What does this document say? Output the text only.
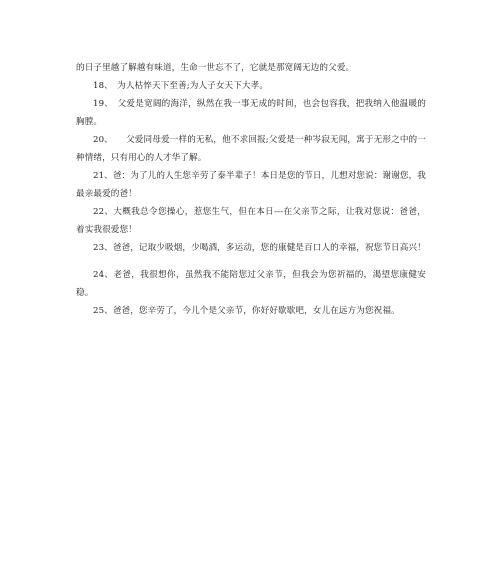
的日子里越了解越有味道，生命一世忘不了，它就是那宽阔无边的父爱。

18、　为人枯悴天下至善;为人子女天下大孝。

19、　父爱是宽阔的海洋，纵然在我一事无成的时间，也会包容我，把我纳入他温暖的胸膛。

20、　　父爱同母爱一样的无私，他不求回报;父爱是一种岑寂无闻，寓于无形之中的一种情绪，只有用心的人才华了解。

21、爸：为了儿的人生您辛劳了泰半辈子！本日是您的节日，儿想对您说：谢谢您，我最亲最爱的爸！

22、大概我总令您操心，惹您生气，但在本日---在父亲节之际，让我对您说：爸爸，着实我很爱您！

23、爸爸，记取少吸烟，少喝酒，多运动，您的康健是百口人的幸福，祝您节日高兴！

24、老爸，我很想你，虽然我不能陪您过父亲节，但我会为您祈福的，渴望您康健安稳。

25、爸爸，您辛劳了，今儿个是父亲节，你好好歇歇吧，女儿在远方为您祝福。
